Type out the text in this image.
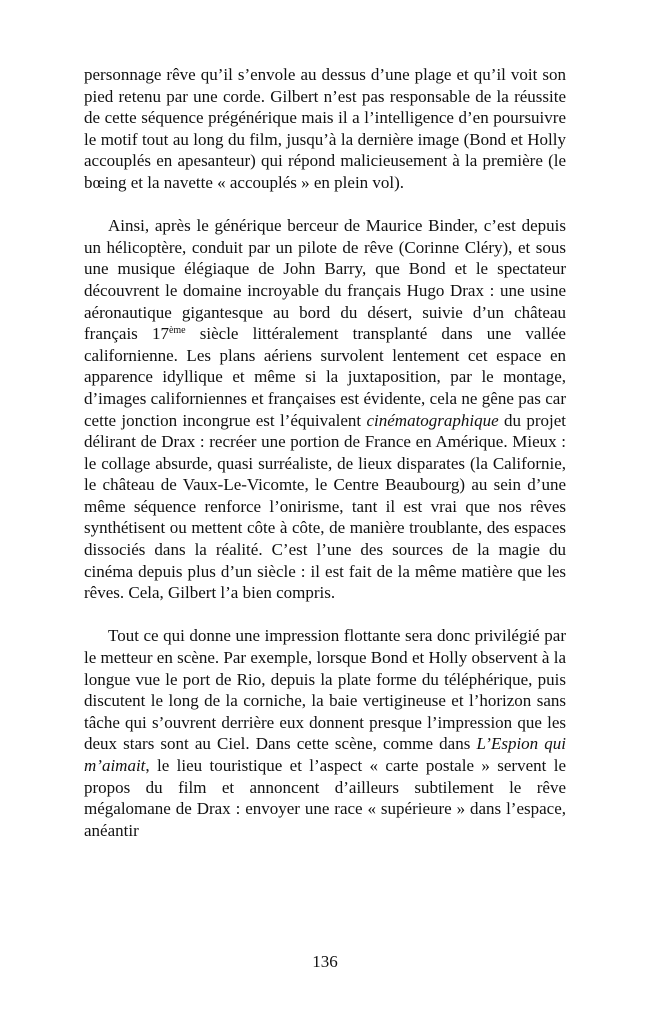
personnage rêve qu’il s’envole au dessus d’une plage et qu’il voit son pied retenu par une corde. Gilbert n’est pas responsable de la réussite de cette séquence prégénérique mais il a l’intelligence d’en poursuivre le motif tout au long du film, jusqu’à la dernière image (Bond et Holly accouplés en apesanteur) qui répond malicieusement à la première (le bœing et la navette « accouplés » en plein vol).

Ainsi, après le générique berceur de Maurice Binder, c’est depuis un hélicoptère, conduit par un pilote de rêve (Corinne Cléry), et sous une musique élégiaque de John Barry, que Bond et le spectateur découvrent le domaine incroyable du français Hugo Drax : une usine aéronautique gigantesque au bord du désert, suivie d’un château français 17ème siècle littéralement transplanté dans une vallée californienne. Les plans aériens survolent lentement cet espace en apparence idyllique et même si la juxtaposition, par le montage, d’images californiennes et françaises est évidente, cela ne gêne pas car cette jonction incongrue est l’équivalent cinématographique du projet délirant de Drax : recréer une portion de France en Amérique. Mieux : le collage absurde, quasi surréaliste, de lieux disparates (la Californie, le château de Vaux-Le-Vicomte, le Centre Beaubourg) au sein d’une même séquence renforce l’onirisme, tant il est vrai que nos rêves synthétisent ou mettent côte à côte, de manière troublante, des espaces dissociés dans la réalité. C’est l’une des sources de la magie du cinéma depuis plus d’un siècle : il est fait de la même matière que les rêves. Cela, Gilbert l’a bien compris.

Tout ce qui donne une impression flottante sera donc privilégié par le metteur en scène. Par exemple, lorsque Bond et Holly observent à la longue vue le port de Rio, depuis la plate forme du téléphérique, puis discutent le long de la corniche, la baie vertigineuse et l’horizon sans tâche qui s’ouvrent derrière eux donnent presque l’impression que les deux stars sont au Ciel. Dans cette scène, comme dans L’Espion qui m’aimait, le lieu touristique et l’aspect « carte postale » servent le propos du film et annoncent d’ailleurs subtilement le rêve mégalomane de Drax : envoyer une race « supérieure » dans l’espace, anéantir

136
